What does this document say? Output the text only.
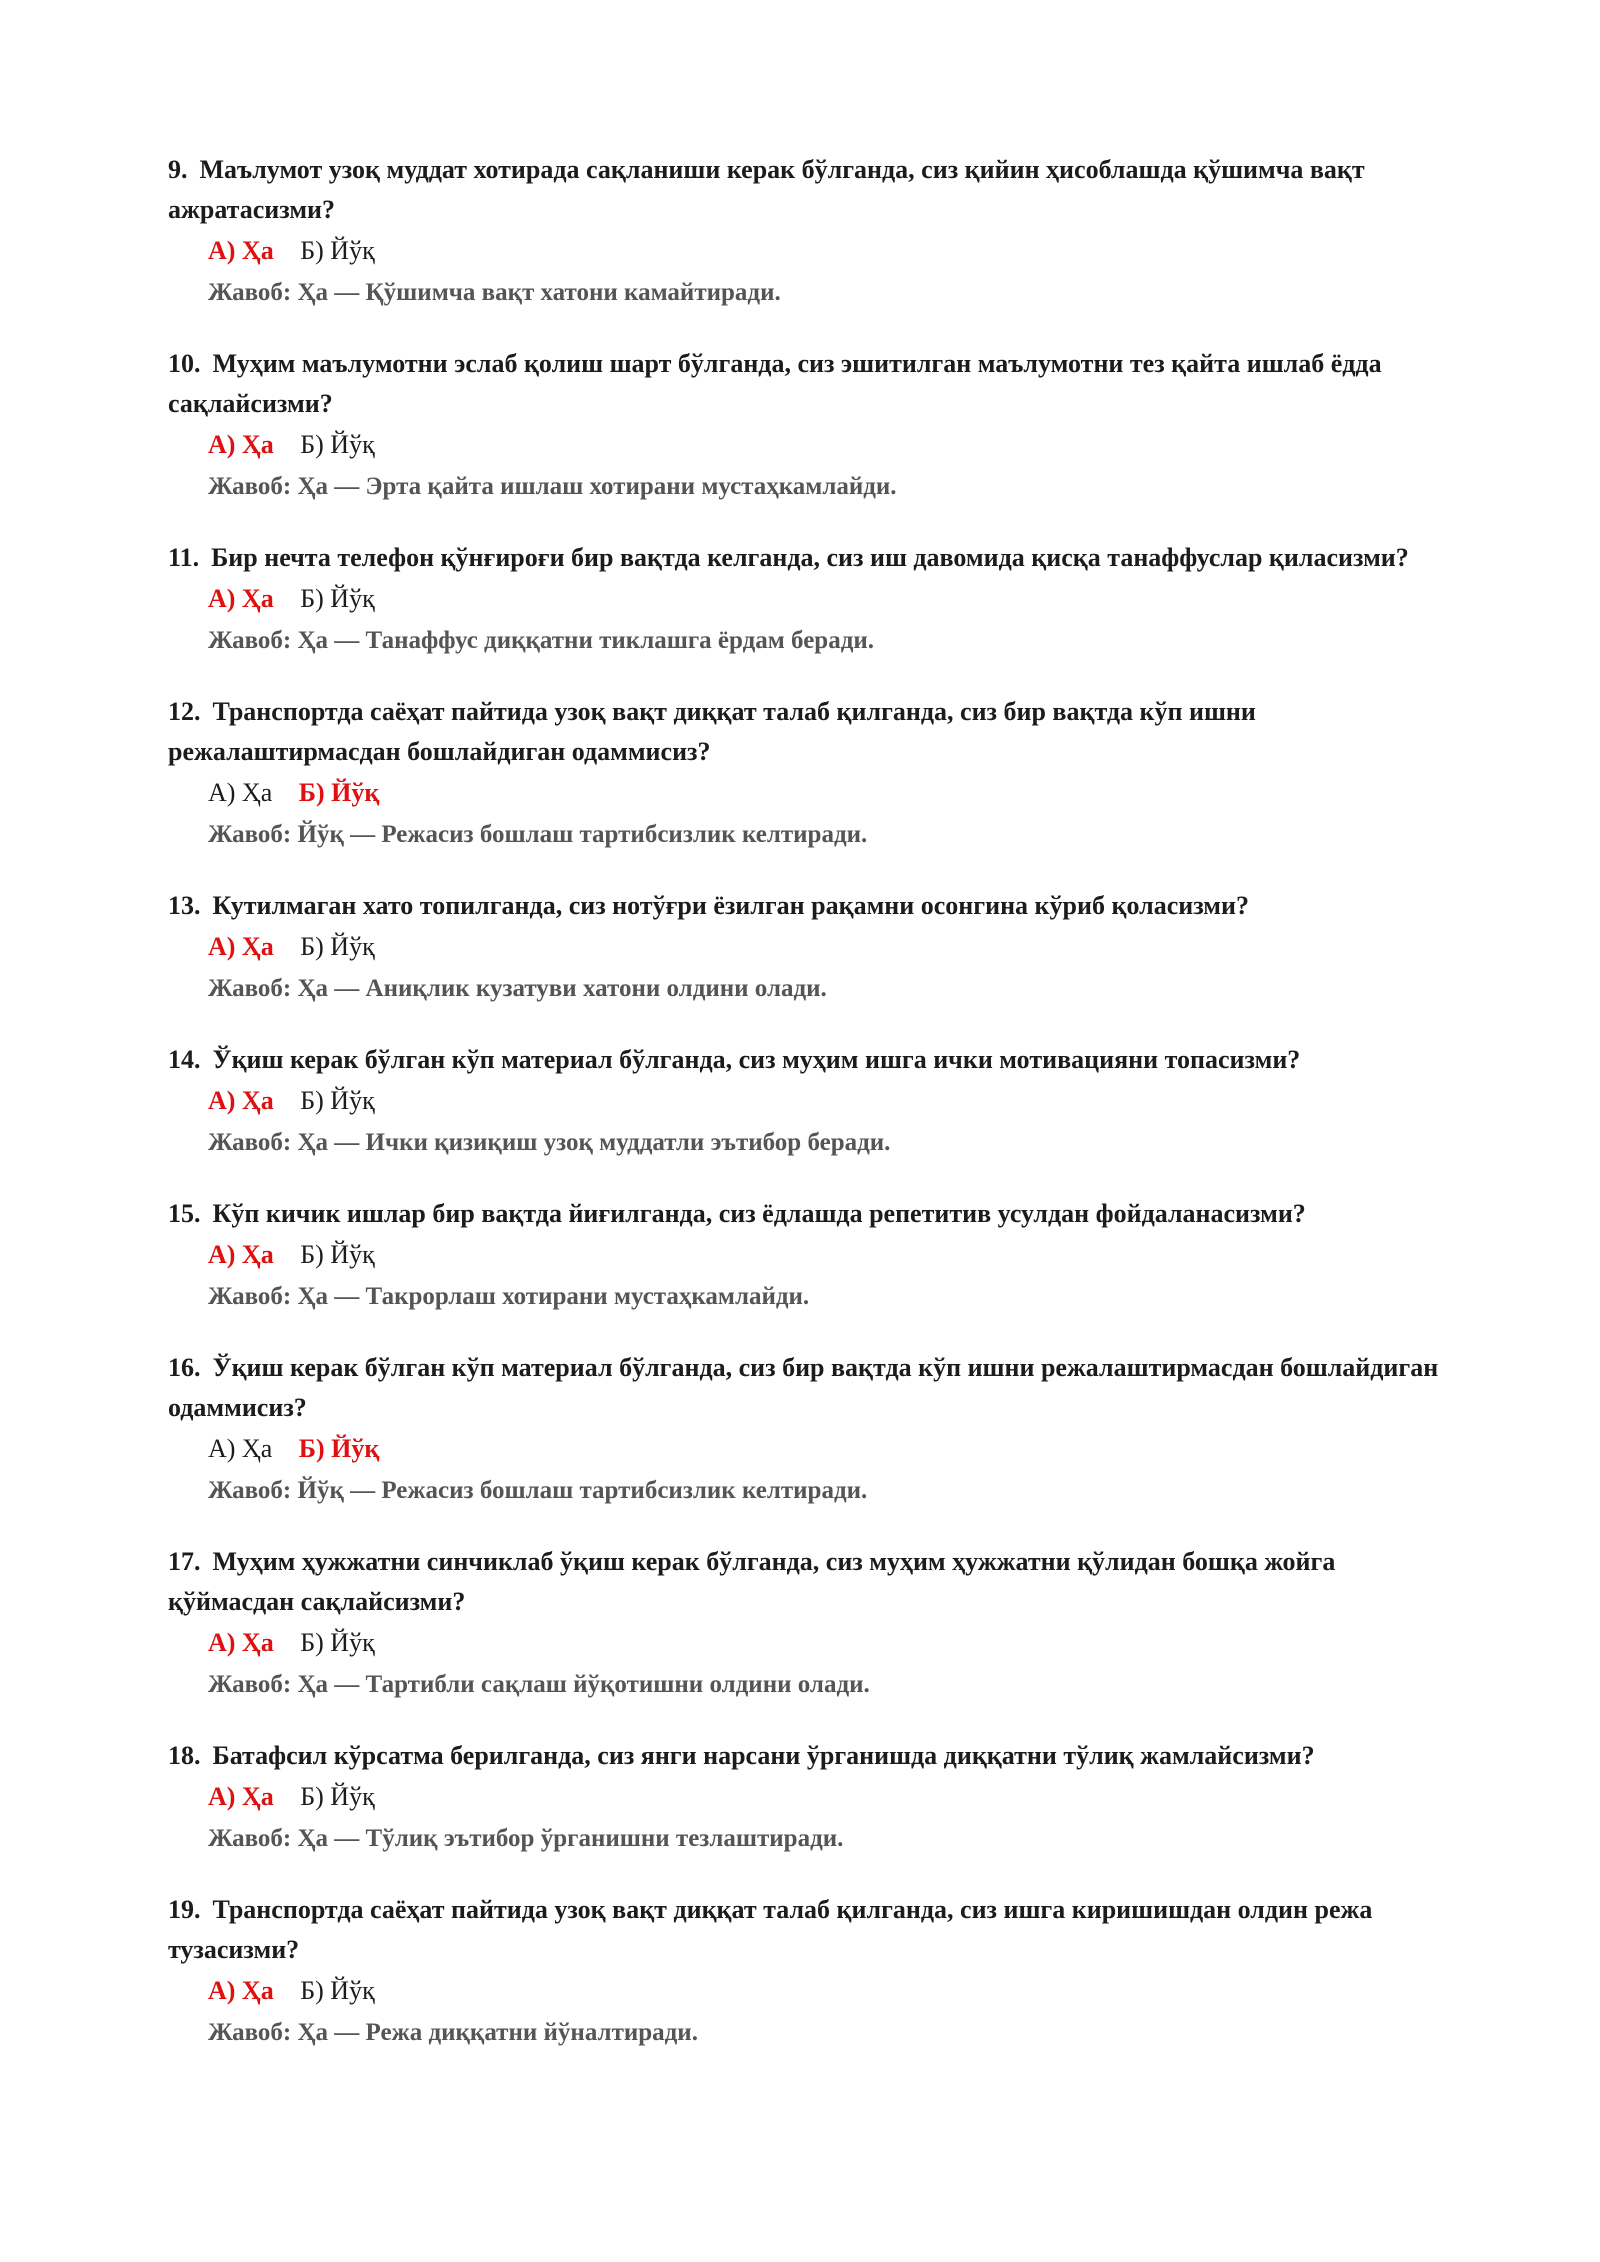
9. Маълумот узоқ муддат хотирада сақланиши керак бўлганда, сиз қийин ҳисоблашда қўшимча вақт ажратасизми?
А) Ҳа Б) Йўқ
Жавоб: Ҳа — Қўшимча вақт хатони камайтиради.
10. Муҳим маълумотни эслаб қолиш шарт бўлганда, сиз эшитилган маълумотни тез қайта ишлаб ёдда сақлайсизми?
А) Ҳа Б) Йўқ
Жавоб: Ҳа — Эрта қайта ишлаш хотирани мустаҳкамлайди.
11. Бир нечта телефон қўнғироғи бир вақтда келганда, сиз иш давомида қисқа танаффуслар қиласизми?
А) Ҳа Б) Йўқ
Жавоб: Ҳа — Танаффус диққатни тиклашга ёрдам беради.
12. Транспортда саёҳат пайтида узоқ вақт диққат талаб қилганда, сиз бир вақтда кўп ишни режалаштирмасдан бошлайдиган одаммисиз?
А) Ҳа Б) Йўқ
Жавоб: Йўқ — Режасиз бошлаш тартибсизлик келтиради.
13. Кутилмаган хато топилганда, сиз нотўғри ёзилган рақамни осонгина кўриб қоласизми?
А) Ҳа Б) Йўқ
Жавоб: Ҳа — Аниқлик кузатуви хатони олдини олади.
14. Ўқиш керак бўлган кўп материал бўлганда, сиз муҳим ишга ички мотивацияни топасизми?
А) Ҳа Б) Йўқ
Жавоб: Ҳа — Ички қизиқиш узоқ муддатли эътибор беради.
15. Кўп кичик ишлар бир вақтда йиғилганда, сиз ёдлашда репетитив усулдан фойдаланасизми?
А) Ҳа Б) Йўқ
Жавоб: Ҳа — Такрорлаш хотирани мустаҳкамлайди.
16. Ўқиш керак бўлган кўп материал бўлганда, сиз бир вақтда кўп ишни режалаштирмасдан бошлайдиган одаммисиз?
А) Ҳа Б) Йўқ
Жавоб: Йўқ — Режасиз бошлаш тартибсизлик келтиради.
17. Муҳим ҳужжатни синчиклаб ўқиш керак бўлганда, сиз муҳим ҳужжатни қўлидан бошқа жойга қўймасдан сақлайсизми?
А) Ҳа Б) Йўқ
Жавоб: Ҳа — Тартибли сақлаш йўқотишни олдини олади.
18. Батафсил кўрсатма берилганда, сиз янги нарсани ўрганишда диққатни тўлиқ жамлайсизми?
А) Ҳа Б) Йўқ
Жавоб: Ҳа — Тўлиқ эътибор ўрганишни тезлаштиради.
19. Транспортда саёҳат пайтида узоқ вақт диққат талаб қилганда, сиз ишга киришишдан олдин режа тузасизми?
А) Ҳа Б) Йўқ
Жавоб: Ҳа — Режа диққатни йўналтиради.
